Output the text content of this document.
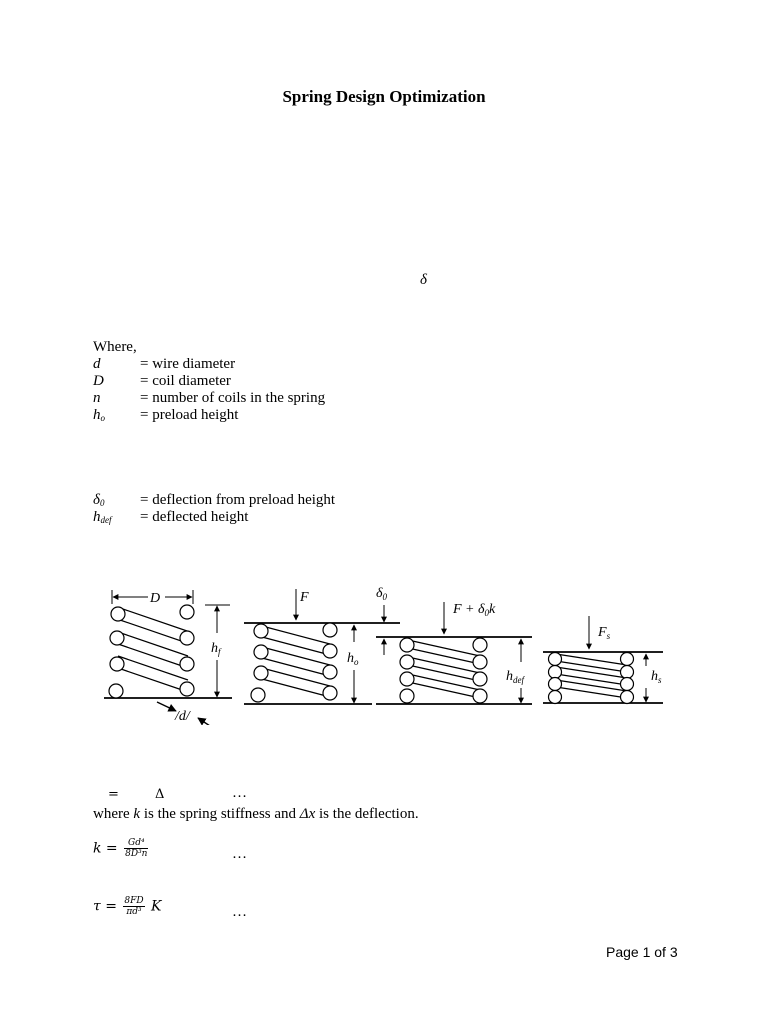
Spring Design Optimization
δ
Where,
d	= wire diameter
D = coil diameter
n	= number of coils in the spring
$h_o$ = preload height
$\delta_0$ = deflection from preload height
$h_{def}$ = deflected height
D
$h_f$
/d/
F
$h_o$
$\delta_0$
$F + \delta_0k$
$h_{def}$
$F_s$
$h_s$
=	Δ	…
where k is the spring stiffness and Δx is the deflection.
$k = \frac{\text{Gd⁴}}{\text{8D³n}}$	…
$\tau = \frac{8FD}{\text{πd³}}$ K	…
Page 1 of 3
